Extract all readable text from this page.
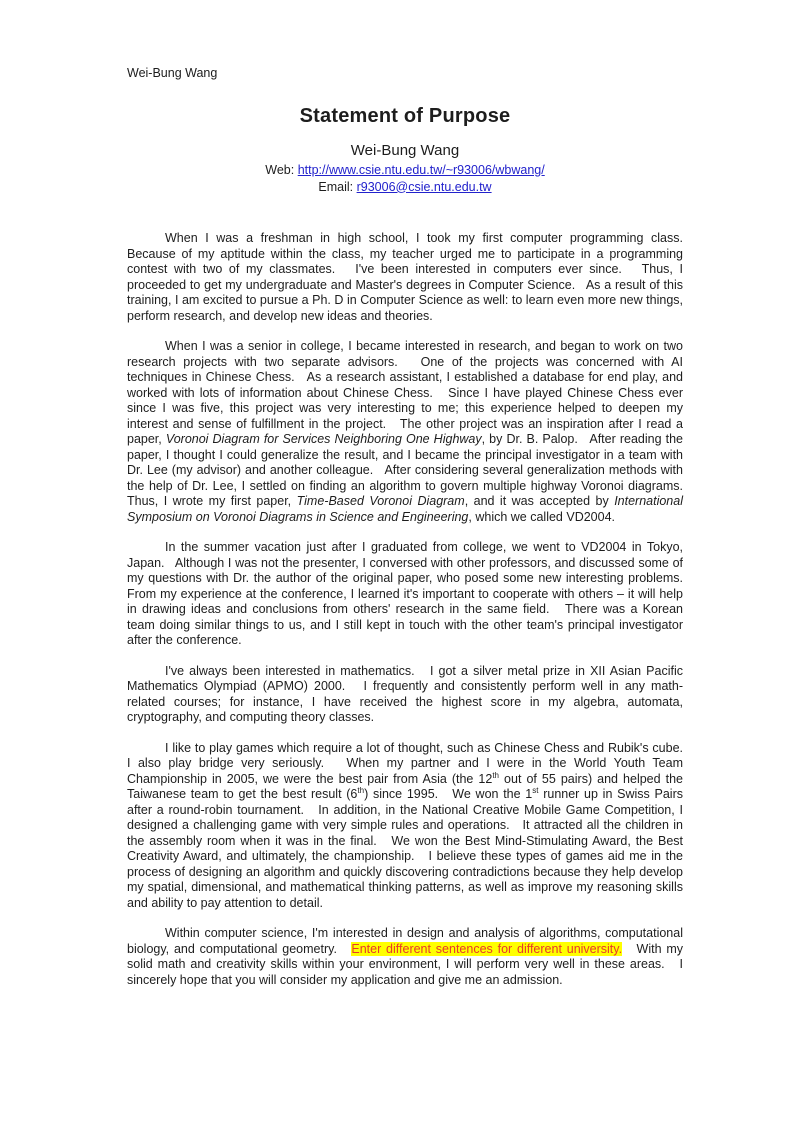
Wei-Bung Wang
Statement of Purpose
Wei-Bung Wang
Web: http://www.csie.ntu.edu.tw/~r93006/wbwang/
Email: r93006@csie.ntu.edu.tw

When I was a freshman in high school, I took my first computer programming class.   Because of my aptitude within the class, my teacher urged me to participate in a programming contest with two of my classmates.   I've been interested in computers ever since.   Thus, I proceeded to get my undergraduate and Master's degrees in Computer Science.   As a result of this training, I am excited to pursue a Ph. D in Computer Science as well: to learn even more new things, perform research, and develop new ideas and theories.

When I was a senior in college, I became interested in research, and began to work on two research projects with two separate advisors.   One of the projects was concerned with AI techniques in Chinese Chess.   As a research assistant, I established a database for end play, and worked with lots of information about Chinese Chess.   Since I have played Chinese Chess ever since I was five, this project was very interesting to me; this experience helped to deepen my interest and sense of fulfillment in the project.   The other project was an inspiration after I read a paper, Voronoi Diagram for Services Neighboring One Highway, by Dr. B. Palop.   After reading the paper, I thought I could generalize the result, and I became the principal investigator in a team with Dr. Lee (my advisor) and another colleague.   After considering several generalization methods with the help of Dr. Lee, I settled on finding an algorithm to govern multiple highway Voronoi diagrams.   Thus, I wrote my first paper, Time-Based Voronoi Diagram, and it was accepted by International Symposium on Voronoi Diagrams in Science and Engineering, which we called VD2004.

In the summer vacation just after I graduated from college, we went to VD2004 in Tokyo, Japan.   Although I was not the presenter, I conversed with other professors, and discussed some of my questions with Dr. the author of the original paper, who posed some new interesting problems.   From my experience at the conference, I learned it's important to cooperate with others – it will help in drawing ideas and conclusions from others' research in the same field.   There was a Korean team doing similar things to us, and I still kept in touch with the other team's principal investigator after the conference.

I've always been interested in mathematics.   I got a silver metal prize in XII Asian Pacific Mathematics Olympiad (APMO) 2000.   I frequently and consistently perform well in any math-related courses; for instance, I have received the highest score in my algebra, automata, cryptography, and computing theory classes.

I like to play games which require a lot of thought, such as Chinese Chess and Rubik's cube.   I also play bridge very seriously.   When my partner and I were in the World Youth Team Championship in 2005, we were the best pair from Asia (the 12th out of 55 pairs) and helped the Taiwanese team to get the best result (6th) since 1995.   We won the 1st runner up in Swiss Pairs after a round-robin tournament.   In addition, in the National Creative Mobile Game Competition, I designed a challenging game with very simple rules and operations.   It attracted all the children in the assembly room when it was in the final.   We won the Best Mind-Stimulating Award, the Best Creativity Award, and ultimately, the championship.   I believe these types of games aid me in the process of designing an algorithm and quickly discovering contradictions because they help develop my spatial, dimensional, and mathematical thinking patterns, as well as improve my reasoning skills and ability to pay attention to detail.

Within computer science, I'm interested in design and analysis of algorithms, computational biology, and computational geometry.   Enter different sentences for different university.   With my solid math and creativity skills within your environment, I will perform very well in these areas.   I sincerely hope that you will consider my application and give me an admission.
